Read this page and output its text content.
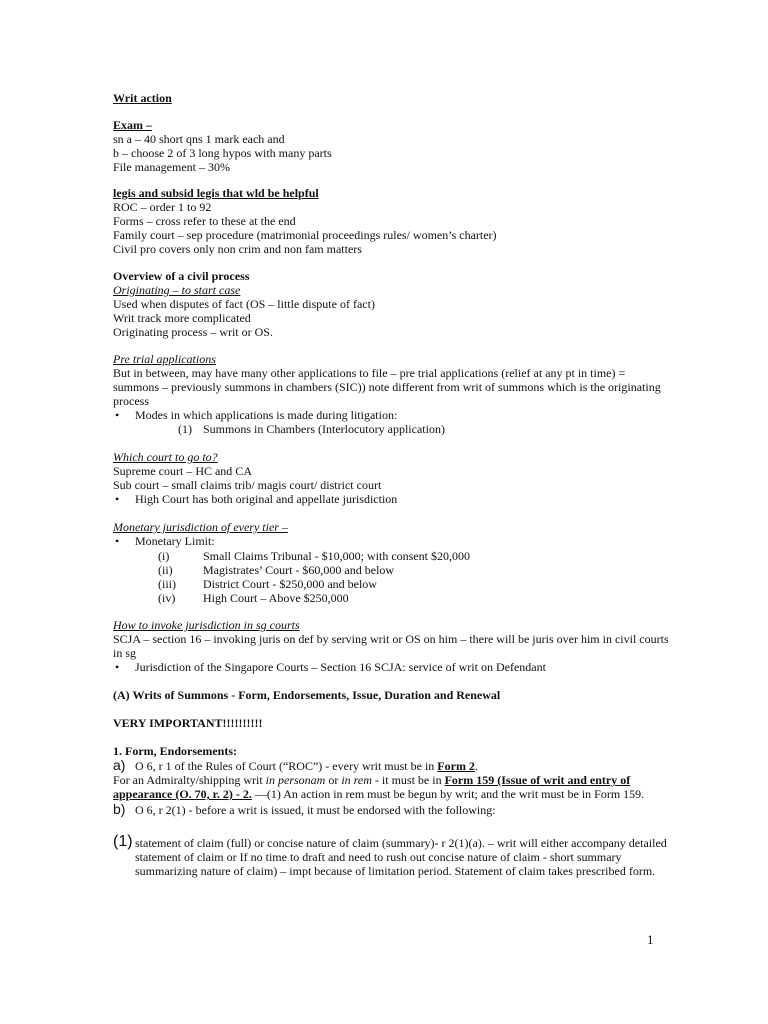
Writ action
Exam –
sn a – 40 short qns 1 mark each and
b – choose 2 of 3 long hypos with many parts
File management – 30%
legis and subsid legis that wld be helpful
ROC – order 1 to 92
Forms – cross refer to these at the end
Family court – sep procedure (matrimonial proceedings rules/ women’s charter)
Civil pro covers only non crim and non fam matters
Overview of a civil process
Originating – to start case
Used when disputes of fact (OS – little dispute of fact)
Writ track more complicated
Originating process – writ or OS.
Pre trial applications
But in between, may have many other applications to file – pre trial applications (relief at any pt in time) =
summons – previously summons in chambers (SIC)) note different from writ of summons which is the originating
process
• Modes in which applications is made during litigation:
(1) Summons in Chambers (Interlocutory application)
Which court to go to?
Supreme court – HC and CA
Sub court – small claims trib/ magis court/ district court
• High Court has both original and appellate jurisdiction
Monetary jurisdiction of every tier –
• Monetary Limit:
(i)	Small Claims Tribunal - $10,000; with consent $20,000
(ii)	Magistrates’ Court - $60,000 and below
(iii) District Court - $250,000 and below
(iv) High Court – Above $250,000
How to invoke jurisdiction in sg courts
SCJA – section 16 – invoking juris on def by serving writ or OS on him – there will be juris over him in civil courts
in sg
• Jurisdiction of the Singapore Courts – Section 16 SCJA: service of writ on Defendant
(A) Writs of Summons - Form, Endorsements, Issue, Duration and Renewal
VERY IMPORTANT!!!!!!!!!!
1. Form, Endorsements:
a) O 6, r 1 of the Rules of Court (“ROC”) - every writ must be in Form 2.
For an Admiralty/shipping writ in personam or in rem - it must be in Form 159 (Issue of writ and entry of
appearance (O. 70, r. 2) - 2. —(1) An action in rem must be begun by writ; and the writ must be in Form 159.
b) O 6, r 2(1) - before a writ is issued, it must be endorsed with the following:
(1) statement of claim (full) or concise nature of claim (summary)- r 2(1)(a). – writ will either accompany detailed
statement of claim or If no time to draft and need to rush out concise nature of claim - short summary
summarizing nature of claim) – impt because of limitation period. Statement of claim takes prescribed form.
1
